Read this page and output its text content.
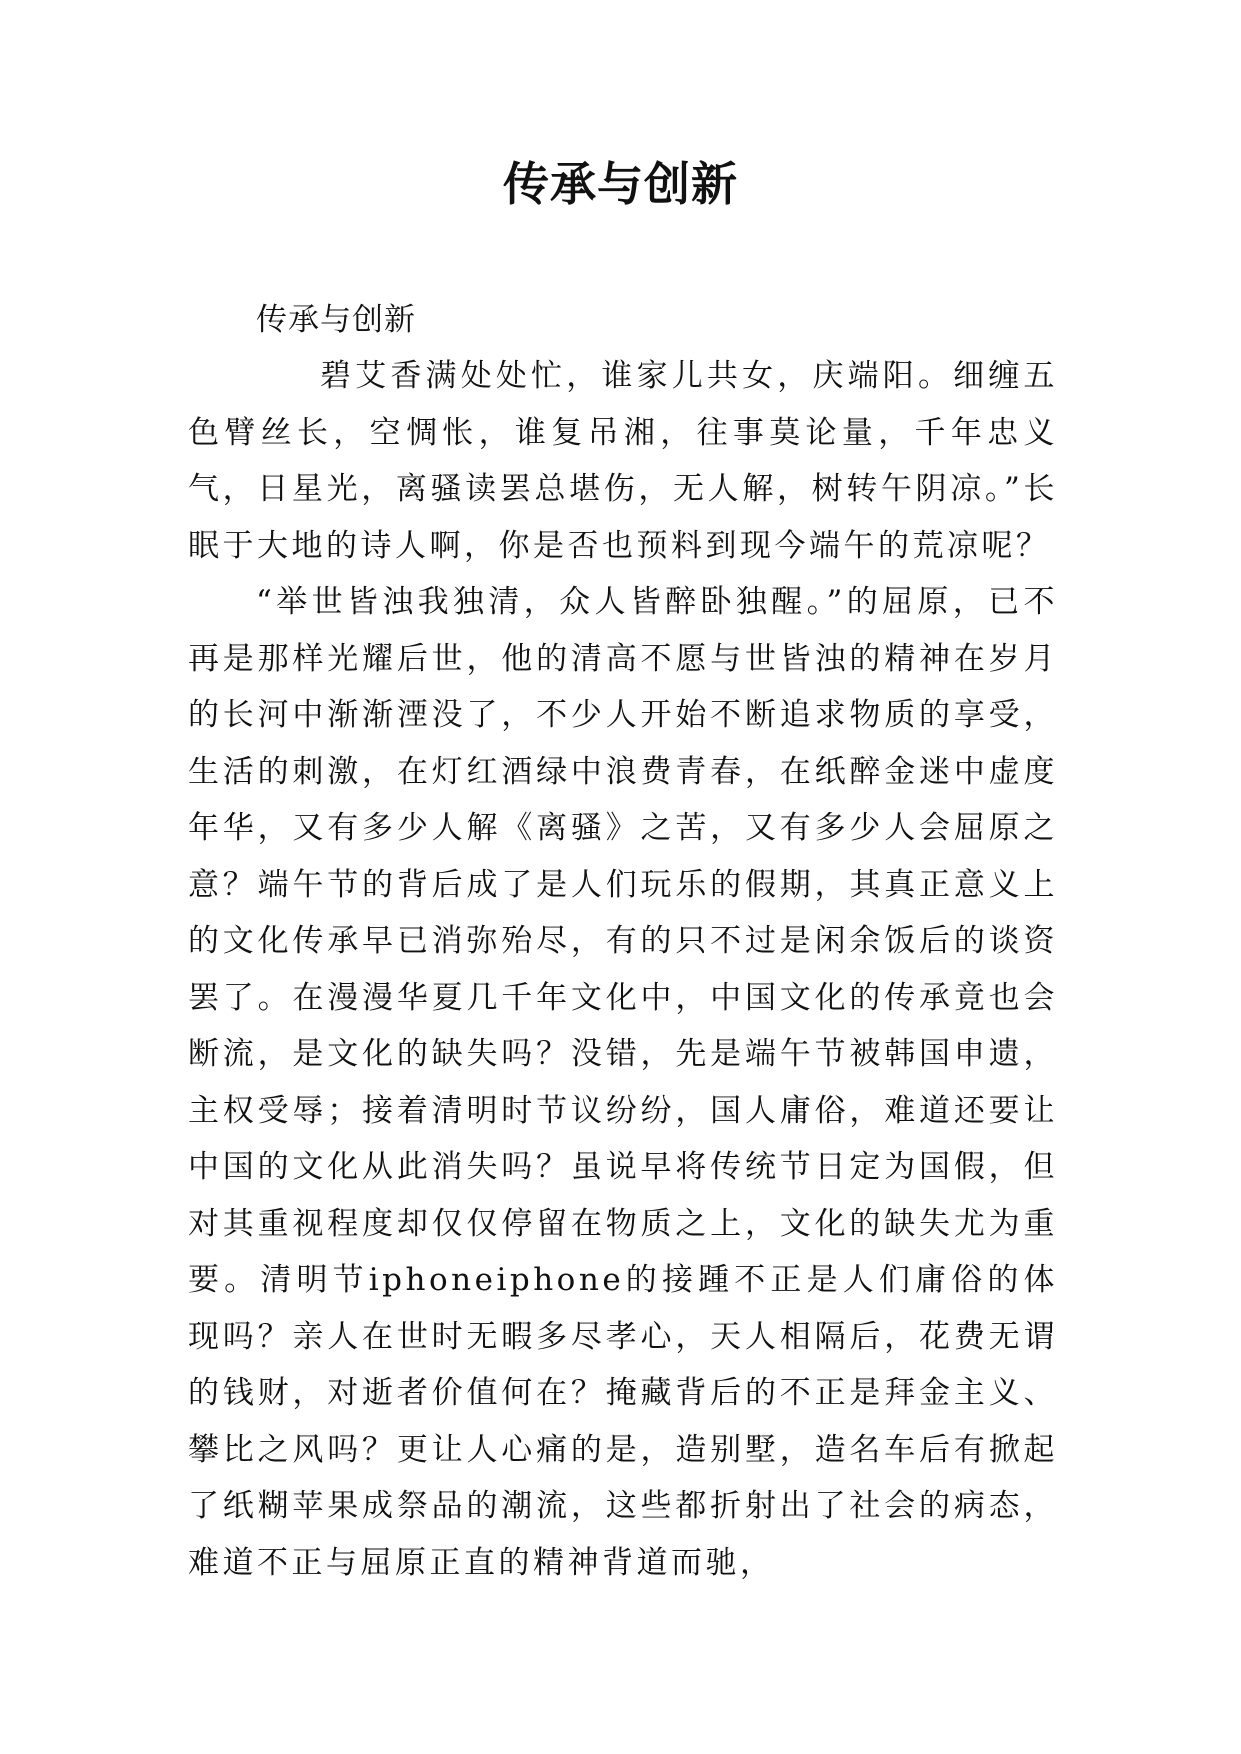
传承与创新

传承与创新

碧艾香满处处忙，谁家儿共女，庆端阳。细缠五色臂丝长，空惆怅，谁复吊湘，往事莫论量，千年忠义气，日星光，离骚读罢总堪伤，无人解，树转午阴凉。”长眠于大地的诗人啊，你是否也预料到现今端午的荒凉呢？

“举世皆浊我独清，众人皆醉卧独醒。”的屈原，已不再是那样光耀后世，他的清高不愿与世皆浊的精神在岁月的长河中渐渐湮没了，不少人开始不断追求物质的享受，生活的刺激，在灯红酒绿中浪费青春，在纸醉金迷中虚度年华，又有多少人解《离骚》之苦，又有多少人会屈原之意？端午节的背后成了是人们玩乐的假期，其真正意义上的文化传承早已消弥殆尽，有的只不过是闲余饭后的谈资罢了。在漫漫华夏几千年文化中，中国文化的传承竟也会断流，是文化的缺失吗？没错，先是端午节被韩国申遗，主权受辱；接着清明时节议纷纷，国人庸俗，难道还要让中国的文化从此消失吗？虽说早将传统节日定为国假，但对其重视程度却仅仅停留在物质之上，文化的缺失尤为重要。清明节iphoneiphone的接踵不正是人们庸俗的体现吗？亲人在世时无暇多尽孝心，天人相隔后，花费无谓的钱财，对逝者价值何在？掩藏背后的不正是拜金主义、攀比之风吗？更让人心痛的是，造别墅，造名车后有掀起了纸糊苹果成祭品的潮流，这些都折射出了社会的病态，难道不正与屈原正直的精神背道而驰，
